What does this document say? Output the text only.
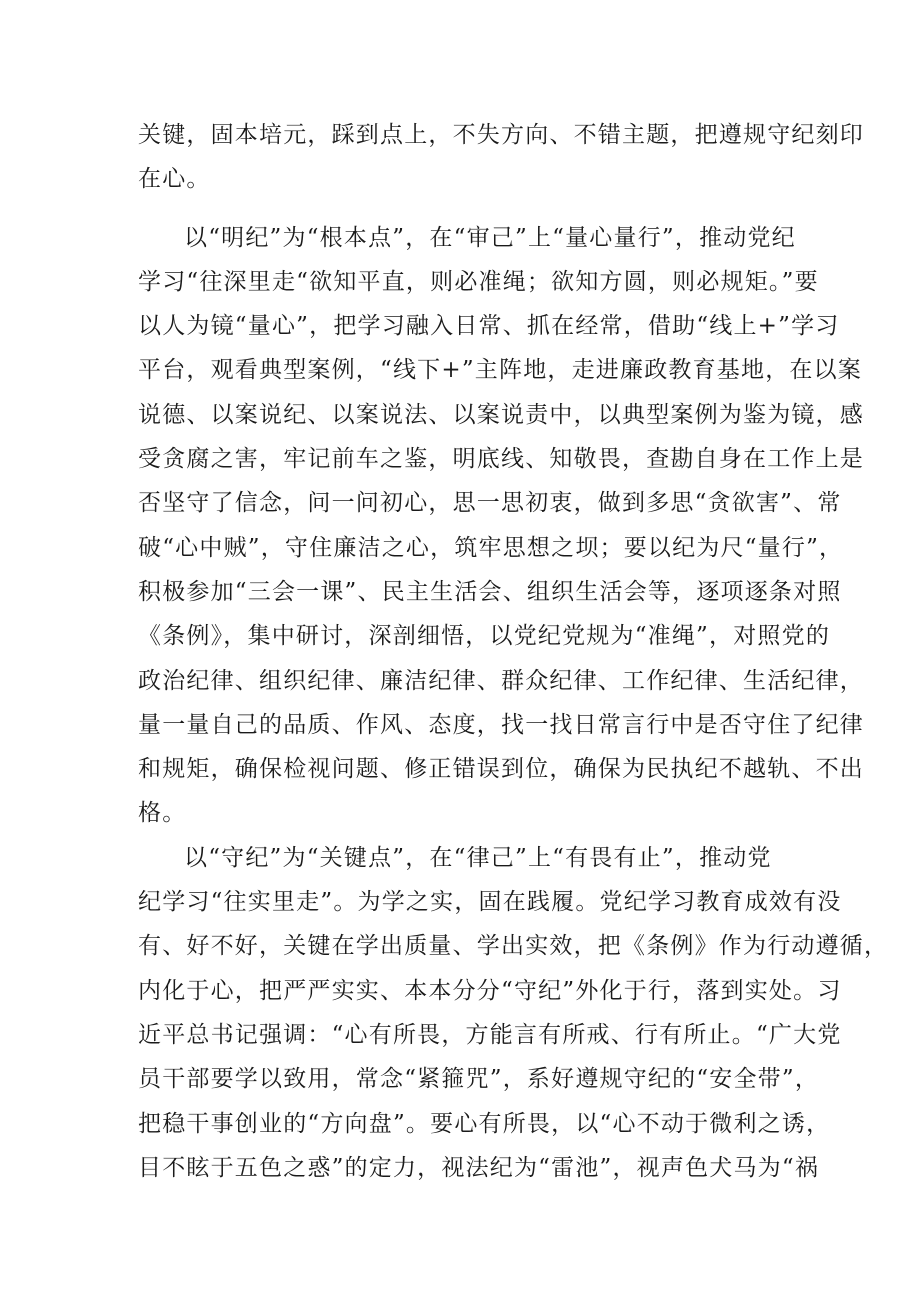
关键，固本培元，踩到点上，不失方向、不错主题，把遵规守纪刻印
在心。
以“明纪”为“根本点”，在“审己”上“量心量行”，推动党纪
学习“往深里走“欲知平直，则必准绳；欲知方圆，则必规矩。”要
以人为镜“量心”，把学习融入日常、抓在经常，借助“线上+”学习
平台，观看典型案例，“线下+”主阵地，走进廉政教育基地，在以案
说德、以案说纪、以案说法、以案说责中，以典型案例为鉴为镜，感
受贪腐之害，牢记前车之鉴，明底线、知敬畏，查勘自身在工作上是
否坚守了信念，问一问初心，思一思初衷，做到多思“贪欲害”、常
破“心中贼”，守住廉洁之心，筑牢思想之坝；要以纪为尺“量行”，
积极参加“三会一课”、民主生活会、组织生活会等，逐项逐条对照
《条例》，集中研讨，深剖细悟，以党纪党规为“准绳”，对照党的
政治纪律、组织纪律、廉洁纪律、群众纪律、工作纪律、生活纪律，
量一量自己的品质、作风、态度，找一找日常言行中是否守住了纪律
和规矩，确保检视问题、修正错误到位，确保为民执纪不越轨、不出
格。
以“守纪”为“关键点”，在“律己”上“有畏有止”，推动党
纪学习“往实里走”。为学之实，固在践履。党纪学习教育成效有没
有、好不好，关键在学出质量、学出实效，把《条例》作为行动遵循，
内化于心，把严严实实、本本分分“守纪”外化于行，落到实处。习
近平总书记强调：“心有所畏，方能言有所戒、行有所止。“广大党
员干部要学以致用，常念“紧箍咒”，系好遵规守纪的“安全带”，
把稳干事创业的“方向盘”。要心有所畏，以“心不动于微利之诱，
目不眩于五色之惑”的定力，视法纪为“雷池”，视声色犬马为“祸
